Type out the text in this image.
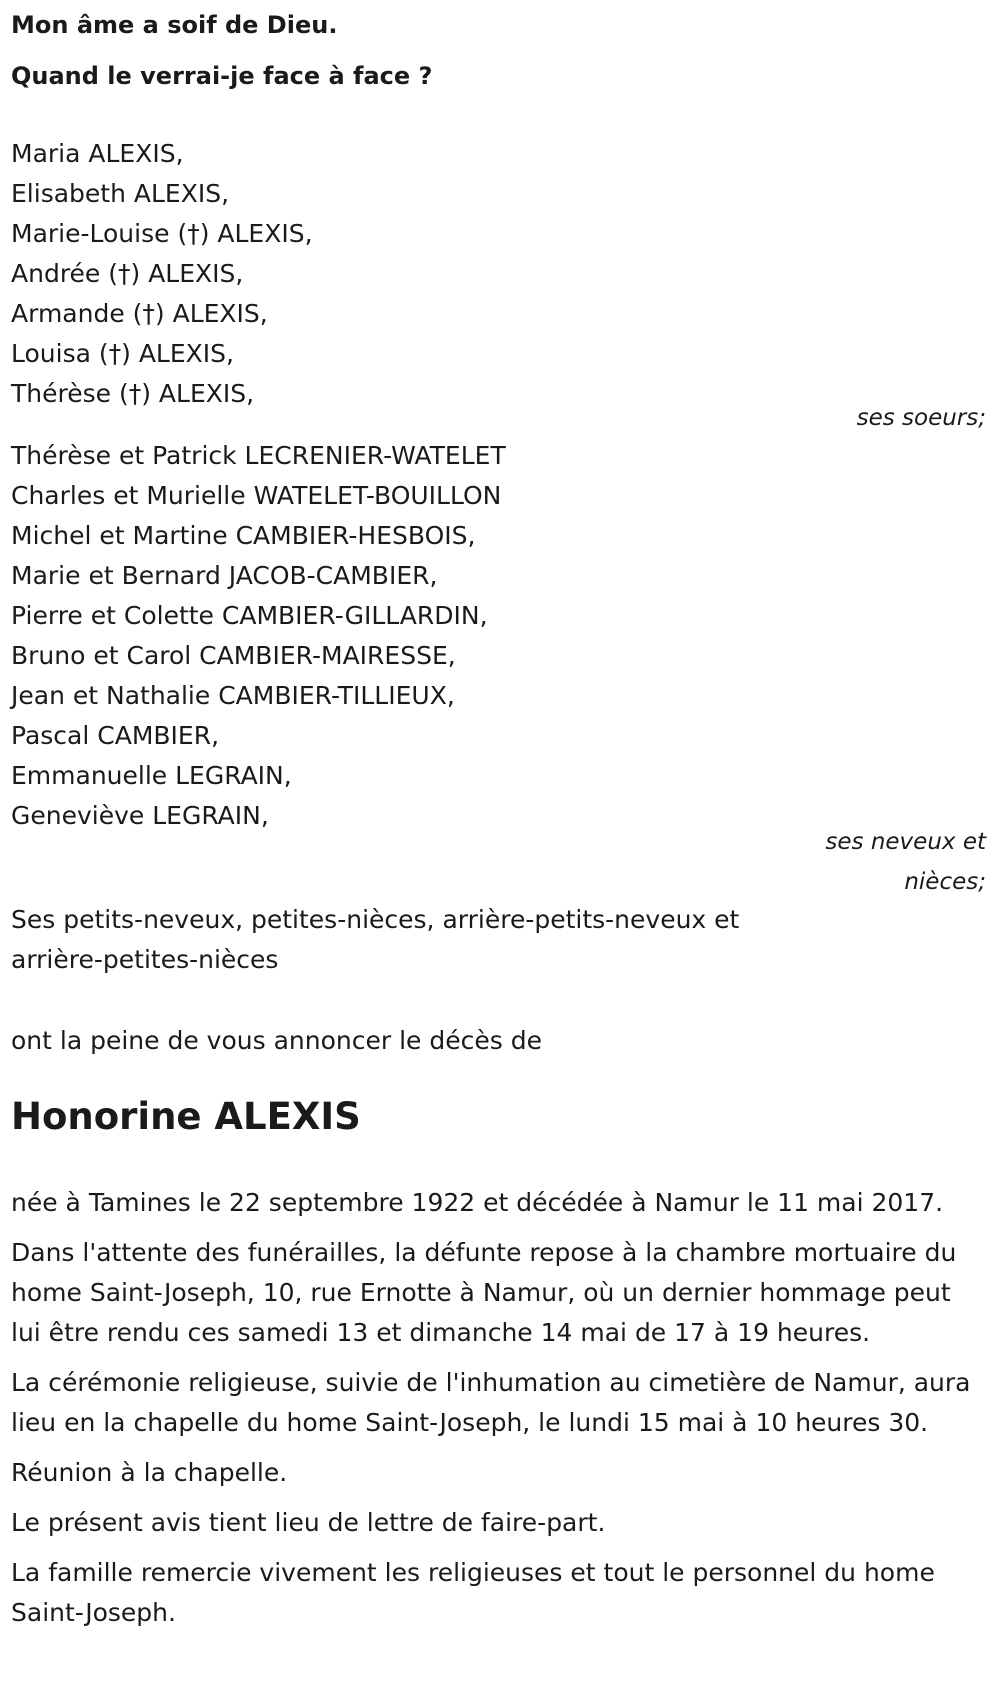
Mon âme a soif de Dieu.

Quand le verrai-je face à face ?

Maria ALEXIS,
Elisabeth ALEXIS,
Marie-Louise (†) ALEXIS,
Andrée (†) ALEXIS,
Armande (†) ALEXIS,
Louisa (†) ALEXIS,
Thérèse (†) ALEXIS,
ses soeurs;
Thérèse et Patrick LECRENIER-WATELET
Charles et Murielle WATELET-BOUILLON
Michel et Martine CAMBIER-HESBOIS,
Marie et Bernard JACOB-CAMBIER,
Pierre et Colette CAMBIER-GILLARDIN,
Bruno et Carol CAMBIER-MAIRESSE,
Jean et Nathalie CAMBIER-TILLIEUX,
Pascal CAMBIER,
Emmanuelle LEGRAIN,
Geneviève LEGRAIN,
ses neveux et nièces;

Ses petits-neveux, petites-nièces, arrière-petits-neveux et arrière-petites-nièces

ont la peine de vous annoncer le décès de

Honorine ALEXIS

née à Tamines le 22 septembre 1922 et décédée à Namur le 11 mai 2017.

Dans l'attente des funérailles, la défunte repose à la chambre mortuaire du home Saint-Joseph, 10, rue Ernotte à Namur, où un dernier hommage peut lui être rendu ces samedi 13 et dimanche 14 mai de 17 à 19 heures.

La cérémonie religieuse, suivie de l'inhumation au cimetière de Namur, aura lieu en la chapelle du home Saint-Joseph, le lundi 15 mai à 10 heures 30.

Réunion à la chapelle.

Le présent avis tient lieu de lettre de faire-part.

La famille remercie vivement les religieuses et tout le personnel du home Saint-Joseph.
